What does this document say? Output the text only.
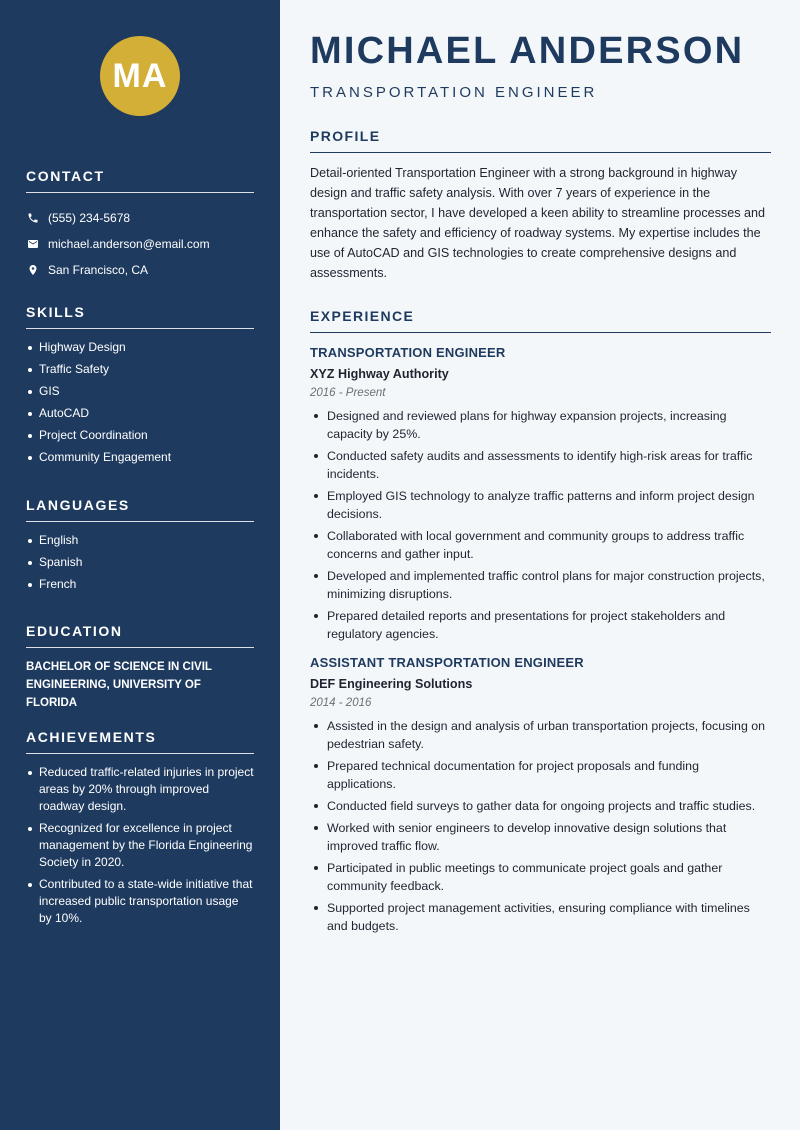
MA
CONTACT
(555) 234-5678
michael.anderson@email.com
San Francisco, CA
SKILLS
Highway Design
Traffic Safety
GIS
AutoCAD
Project Coordination
Community Engagement
LANGUAGES
English
Spanish
French
EDUCATION
BACHELOR OF SCIENCE IN CIVIL ENGINEERING, UNIVERSITY OF FLORIDA
ACHIEVEMENTS
Reduced traffic-related injuries in project areas by 20% through improved roadway design.
Recognized for excellence in project management by the Florida Engineering Society in 2020.
Contributed to a state-wide initiative that increased public transportation usage by 10%.
MICHAEL ANDERSON
TRANSPORTATION ENGINEER
PROFILE

Detail-oriented Transportation Engineer with a strong background in highway design and traffic safety analysis. With over 7 years of experience in the transportation sector, I have developed a keen ability to streamline processes and enhance the safety and efficiency of roadway systems. My expertise includes the use of AutoCAD and GIS technologies to create comprehensive designs and assessments.

EXPERIENCE
TRANSPORTATION ENGINEER
XYZ Highway Authority
2016 - Present
Designed and reviewed plans for highway expansion projects, increasing capacity by 25%.
Conducted safety audits and assessments to identify high-risk areas for traffic incidents.
Employed GIS technology to analyze traffic patterns and inform project design decisions.
Collaborated with local government and community groups to address traffic concerns and gather input.
Developed and implemented traffic control plans for major construction projects, minimizing disruptions.
Prepared detailed reports and presentations for project stakeholders and regulatory agencies.
ASSISTANT TRANSPORTATION ENGINEER
DEF Engineering Solutions
2014 - 2016
Assisted in the design and analysis of urban transportation projects, focusing on pedestrian safety.
Prepared technical documentation for project proposals and funding applications.
Conducted field surveys to gather data for ongoing projects and traffic studies.
Worked with senior engineers to develop innovative design solutions that improved traffic flow.
Participated in public meetings to communicate project goals and gather community feedback.
Supported project management activities, ensuring compliance with timelines and budgets.
